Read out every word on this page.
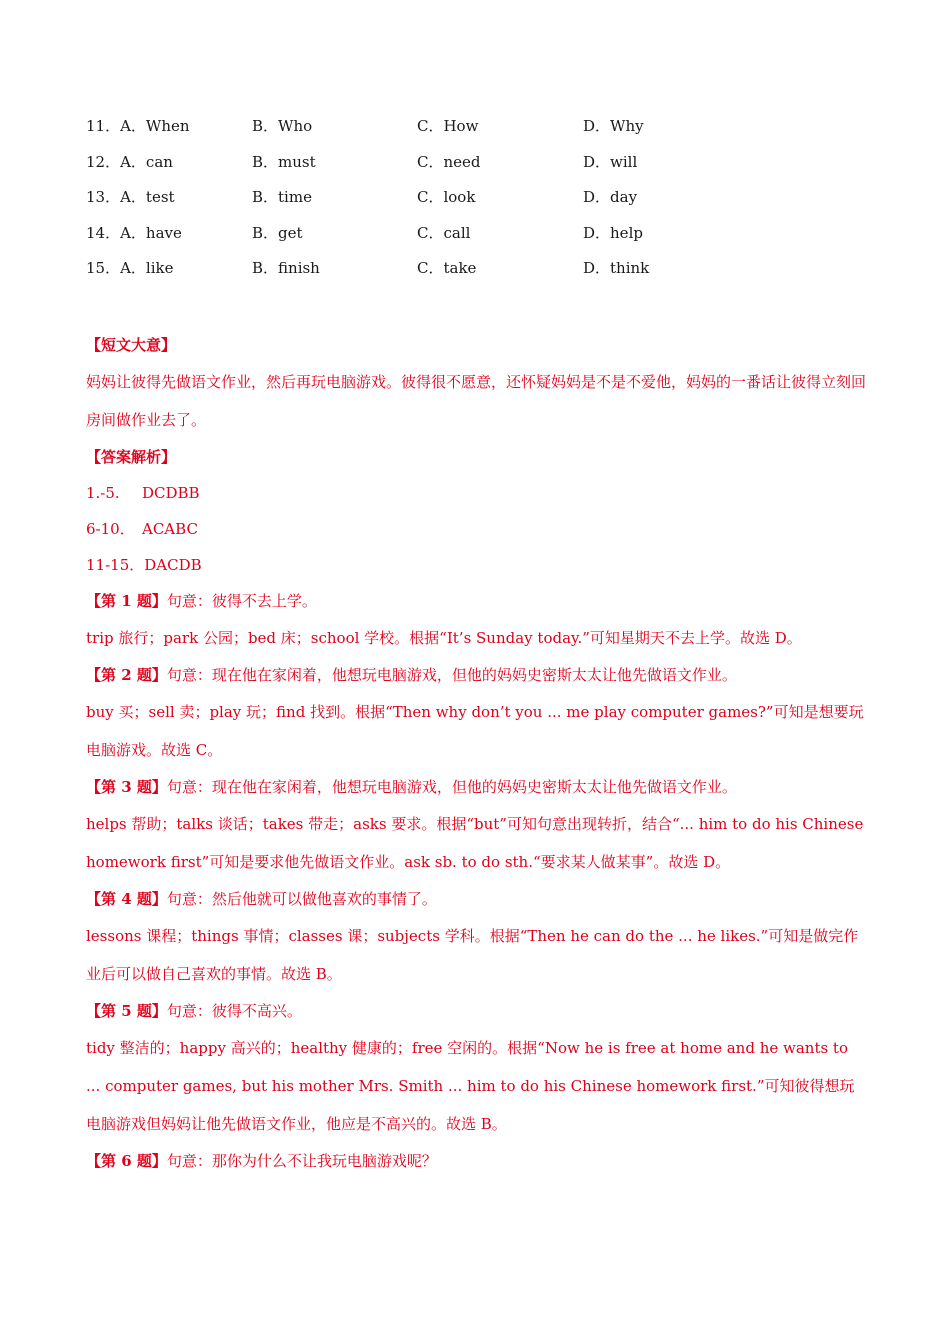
11．A．When	B．Who	C．How	D．Why
12．A．can	B．must	C．need	D．will
13．A．test	B．time	C．look	D．day
14．A．have	B．get	C．call	D．help
15．A．like	B．finish	C．take	D．think
【短文大意】
妈妈让彼得先做语文作业，然后再玩电脑游戏。彼得很不愿意，还怀疑妈妈是不是不爱他，妈妈的一番话让彼得立刻回房间做作业去了。
【答案解析】
1.-5. DCDBB
6-10． ACABC
11-15．DACDB
【第 1 题】句意：彼得不去上学。
trip 旅行；park 公园；bed 床；school 学校。根据“It’s Sunday today.”可知星期天不去上学。故选 D。
【第 2 题】句意：现在他在家闲着，他想玩电脑游戏，但他的妈妈史密斯太太让他先做语文作业。
buy 买；sell 卖；play 玩；find 找到。根据“Then why don’t you ... me play computer games?”可知是想要玩电脑游戏。故选 C。
【第 3 题】句意：现在他在家闲着，他想玩电脑游戏，但他的妈妈史密斯太太让他先做语文作业。
helps 帮助；talks 谈话；takes 带走；asks 要求。根据“but”可知句意出现转折，结合“... him to do his Chinese homework first”可知是要求他先做语文作业。ask sb. to do sth.“要求某人做某事”。故选 D。
【第 4 题】句意：然后他就可以做他喜欢的事情了。
lessons 课程；things 事情；classes 课；subjects 学科。根据“Then he can do the ... he likes.”可知是做完作业后可以做自己喜欢的事情。故选 B。
【第 5 题】句意：彼得不高兴。
tidy 整洁的；happy 高兴的；healthy 健康的；free 空闲的。根据“Now he is free at home and he wants to ... computer games, but his mother Mrs. Smith ... him to do his Chinese homework first.”可知彼得想玩电脑游戏但妈妈让他先做语文作业，他应是不高兴的。故选 B。
【第 6 题】句意：那你为什么不让我玩电脑游戏呢？
